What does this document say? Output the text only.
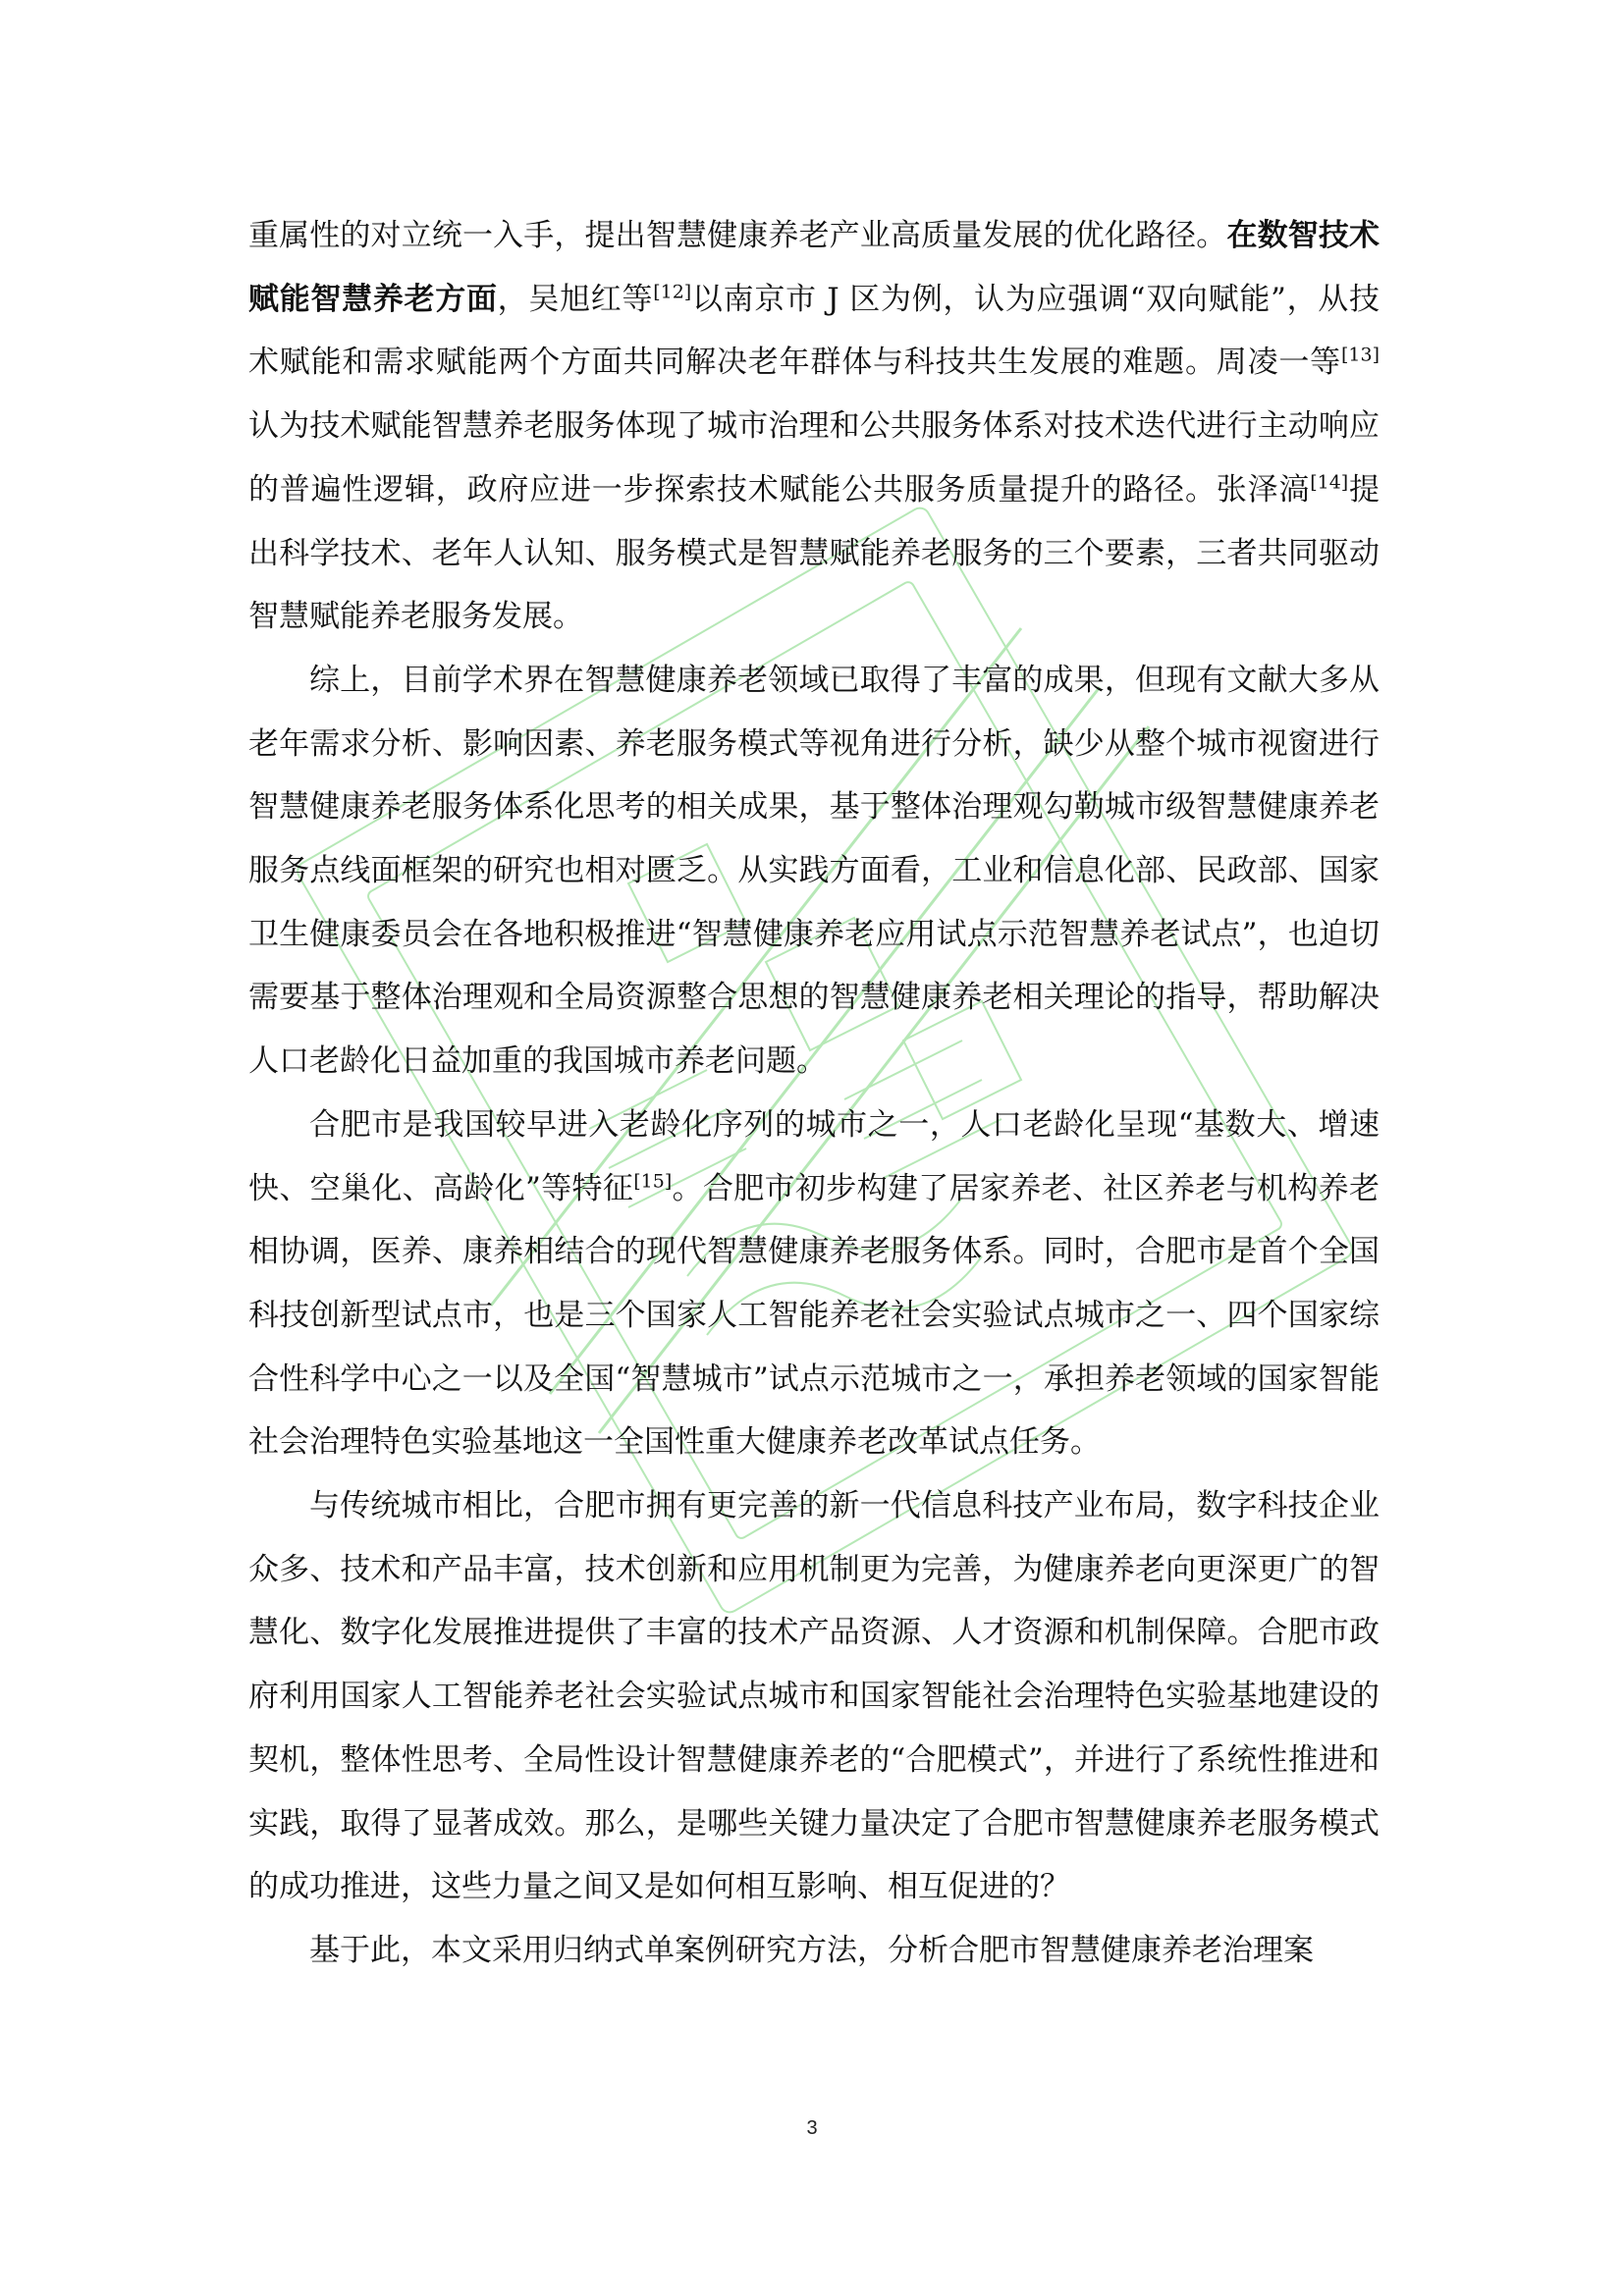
重属性的对立统一入手，提出智慧健康养老产业高质量发展的优化路径。在数智技术赋能智慧养老方面，吴旭红等[12]以南京市 J 区为例，认为应强调“双向赋能”，从技术赋能和需求赋能两个方面共同解决老年群体与科技共生发展的难题。周凌一等[13]认为技术赋能智慧养老服务体现了城市治理和公共服务体系对技术迭代进行主动响应的普遍性逻辑，政府应进一步探索技术赋能公共服务质量提升的路径。张泽滈[14]提出科学技术、老年人认知、服务模式是智慧赋能养老服务的三个要素，三者共同驱动智慧赋能养老服务发展。

综上，目前学术界在智慧健康养老领域已取得了丰富的成果，但现有文献大多从老年需求分析、影响因素、养老服务模式等视角进行分析，缺少从整个城市视窗进行智慧健康养老服务体系化思考的相关成果，基于整体治理观勾勒城市级智慧健康养老服务点线面框架的研究也相对匮乏。从实践方面看，工业和信息化部、民政部、国家卫生健康委员会在各地积极推进“智慧健康养老应用试点示范智慧养老试点”，也迫切需要基于整体治理观和全局资源整合思想的智慧健康养老相关理论的指导，帮助解决人口老龄化日益加重的我国城市养老问题。

合肥市是我国较早进入老龄化序列的城市之一，人口老龄化呈现“基数大、增速快、空巢化、高龄化”等特征[15]。合肥市初步构建了居家养老、社区养老与机构养老相协调，医养、康养相结合的现代智慧健康养老服务体系。同时，合肥市是首个全国科技创新型试点市，也是三个国家人工智能养老社会实验试点城市之一、四个国家综合性科学中心之一以及全国“智慧城市”试点示范城市之一，承担养老领域的国家智能社会治理特色实验基地这一全国性重大健康养老改革试点任务。

与传统城市相比，合肥市拥有更完善的新一代信息科技产业布局，数字科技企业众多、技术和产品丰富，技术创新和应用机制更为完善，为健康养老向更深更广的智慧化、数字化发展推进提供了丰富的技术产品资源、人才资源和机制保障。合肥市政府利用国家人工智能养老社会实验试点城市和国家智能社会治理特色实验基地建设的契机，整体性思考、全局性设计智慧健康养老的“合肥模式”，并进行了系统性推进和实践，取得了显著成效。那么，是哪些关键力量决定了合肥市智慧健康养老服务模式的成功推进，这些力量之间又是如何相互影响、相互促进的？

基于此，本文采用归纳式单案例研究方法，分析合肥市智慧健康养老治理案

3
